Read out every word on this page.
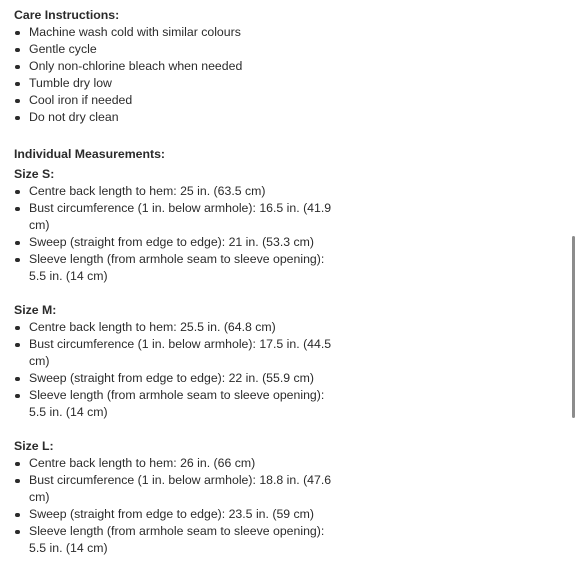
Care Instructions:
Machine wash cold with similar colours
Gentle cycle
Only non-chlorine bleach when needed
Tumble dry low
Cool iron if needed
Do not dry clean
Individual Measurements:
Size S:
Centre back length to hem: 25 in. (63.5 cm)
Bust circumference (1 in. below armhole): 16.5 in. (41.9 cm)
Sweep (straight from edge to edge): 21 in. (53.3 cm)
Sleeve length (from armhole seam to sleeve opening): 5.5 in. (14 cm)
Size M:
Centre back length to hem: 25.5 in. (64.8 cm)
Bust circumference (1 in. below armhole): 17.5 in. (44.5 cm)
Sweep (straight from edge to edge): 22 in. (55.9 cm)
Sleeve length (from armhole seam to sleeve opening): 5.5 in. (14 cm)
Size L:
Centre back length to hem: 26 in. (66 cm)
Bust circumference (1 in. below armhole): 18.8 in. (47.6 cm)
Sweep (straight from edge to edge): 23.5 in. (59 cm)
Sleeve length (from armhole seam to sleeve opening): 5.5 in. (14 cm)
